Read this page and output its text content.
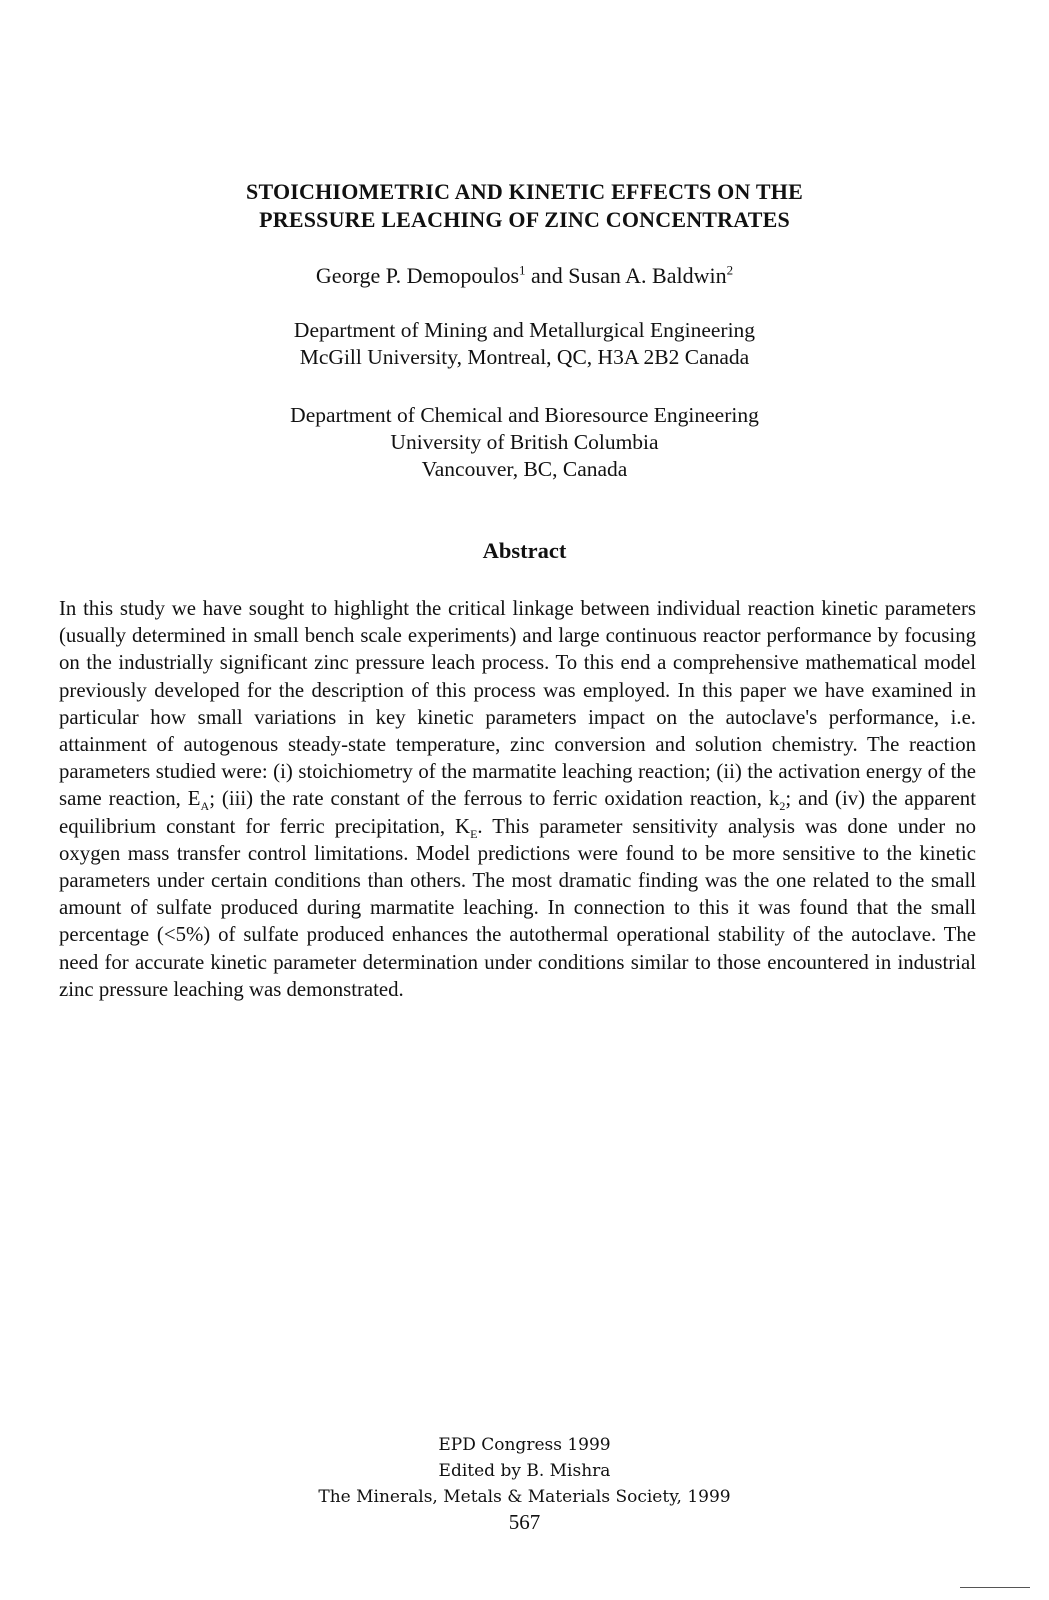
STOICHIOMETRIC AND KINETIC EFFECTS ON THE
PRESSURE LEACHING OF ZINC CONCENTRATES
George P. Demopoulos$^1$ and Susan A. Baldwin$^2$
Department of Mining and Metallurgical Engineering
McGill University, Montreal, QC, H3A 2B2 Canada
Department of Chemical and Bioresource Engineering
University of British Columbia
Vancouver, BC, Canada
Abstract

In this study we have sought to highlight the critical linkage between individual reaction kinetic parameters (usually determined in small bench scale experiments) and large continuous reactor performance by focusing on the industrially significant zinc pressure leach process. To this end a comprehensive mathematical model previously developed for the description of this process was employed. In this paper we have examined in particular how small variations in key kinetic parameters impact on the autoclave's performance, i.e. attainment of autogenous steady-state temperature, zinc conversion and solution chemistry. The reaction parameters studied were: (i) stoichiometry of the marmatite leaching reaction; (ii) the activation energy of the same reaction, $E_A$; (iii) the rate constant of the ferrous to ferric oxidation reaction, $k_2$; and (iv) the apparent equilibrium constant for ferric precipitation, $K_E$. This parameter sensitivity analysis was done under no oxygen mass transfer control limitations. Model predictions were found to be more sensitive to the kinetic parameters under certain conditions than others. The most dramatic finding was the one related to the small amount of sulfate produced during marmatite leaching. In connection to this it was found that the small percentage (<5%) of sulfate produced enhances the autothermal operational stability of the autoclave. The need for accurate kinetic parameter determination under conditions similar to those encountered in industrial zinc pressure leaching was demonstrated.

EPD Congress 1999
Edited by B. Mishra
The Minerals, Metals & Materials Society, 1999
567
